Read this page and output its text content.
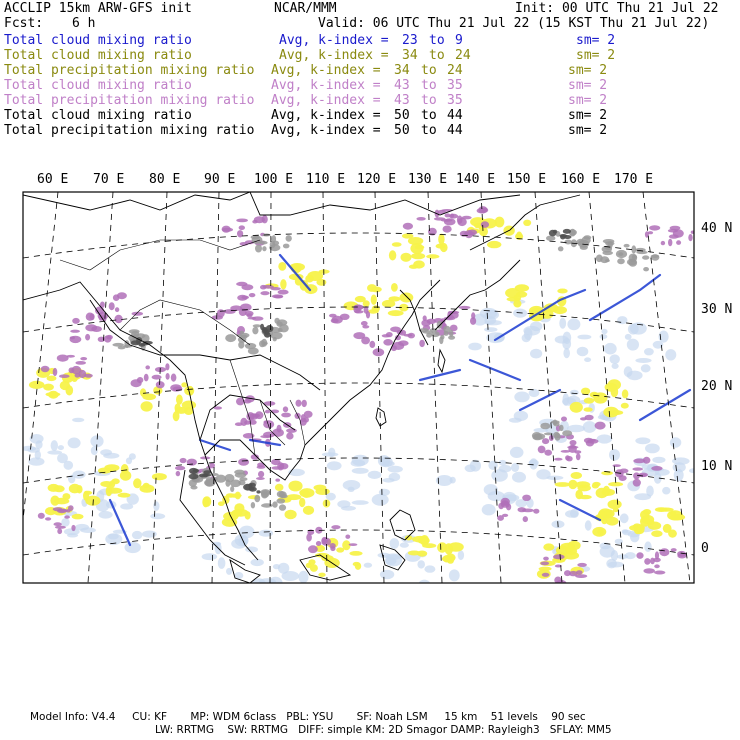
ACCLIP 15km ARW-GFS init	NCAR/MMM	Init: 00 UTC Thu 21 Jul 22
Fcst: 6 h	Valid: 06 UTC Thu 21 Jul 22 (15 KST Thu 21 Jul 22)
Total cloud mixing ratio	Avg, k-index = 23 to 9	sm= 2
Total cloud mixing ratio	Avg, k-index = 34 to 24	sm= 2
Total precipitation mixing ratio Avg, k-index = 34 to 24	sm= 2
Total cloud mixing ratio	Avg, k-index = 43 to 35	sm= 2
Total precipitation mixing ratio Avg, k-index = 43 to 35	sm= 2
Total cloud mixing ratio	Avg, k-index = 50 to 44	sm= 2
Total precipitation mixing ratio Avg, k-index = 50 to 44	sm= 2
60 E 70 E 80 E 90 E 100 E 110 E 120 E 130 E 140 E 150 E 160 E 170 E
40 N
30 N
20 N
10 N
0
Model Info: V4.4     CU: KF       MP: WDM 6class   PBL: YSU       SF: Noah LSM     15 km    51 levels    90 sec
LW: RRTMG    SW: RRTMG   DIFF: simple KM: 2D Smagor DAMP: Rayleigh3   SFLAY: MM5
